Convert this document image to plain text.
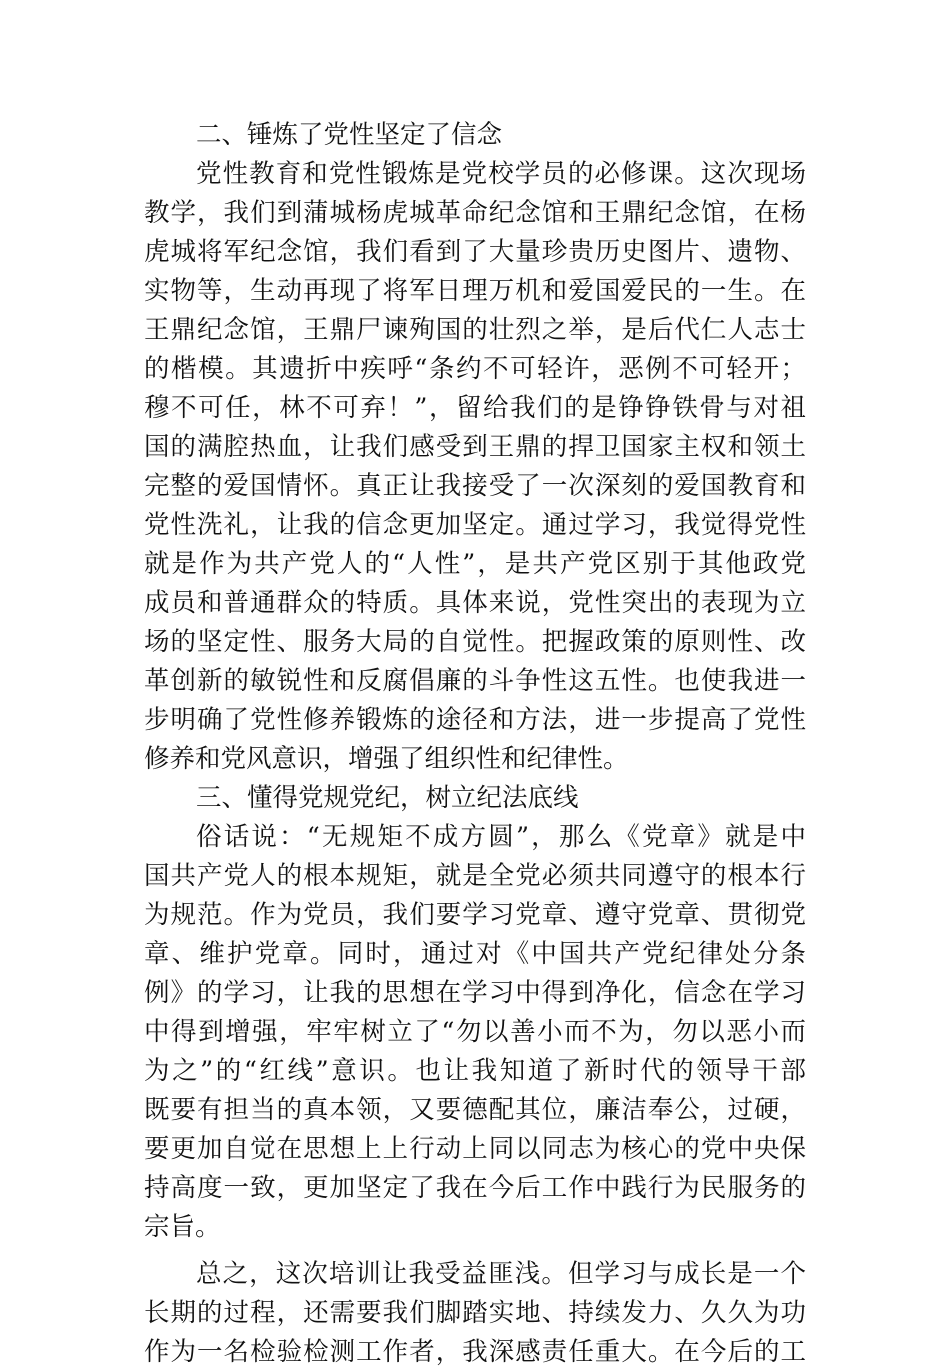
二、锤炼了党性坚定了信念
党性教育和党性锻炼是党校学员的必修课。这次现场
教学，我们到蒲城杨虎城革命纪念馆和王鼎纪念馆，在杨
虎城将军纪念馆，我们看到了大量珍贵历史图片、遗物、
实物等，生动再现了将军日理万机和爱国爱民的一生。在
王鼎纪念馆，王鼎尸谏殉国的壮烈之举，是后代仁人志士
的楷模。其遗折中疾呼“条约不可轻许，恶例不可轻开；
穆不可任，林不可弃！”，留给我们的是铮铮铁骨与对祖
国的满腔热血，让我们感受到王鼎的捍卫国家主权和领土
完整的爱国情怀。真正让我接受了一次深刻的爱国教育和
党性洗礼，让我的信念更加坚定。通过学习，我觉得党性
就是作为共产党人的“人性”，是共产党区别于其他政党
成员和普通群众的特质。具体来说，党性突出的表现为立
场的坚定性、服务大局的自觉性。把握政策的原则性、改
革创新的敏锐性和反腐倡廉的斗争性这五性。也使我进一
步明确了党性修养锻炼的途径和方法，进一步提高了党性
修养和党风意识，增强了组织性和纪律性。
三、懂得党规党纪，树立纪法底线
俗话说：“无规矩不成方圆”，那么《党章》就是中
国共产党人的根本规矩，就是全党必须共同遵守的根本行
为规范。作为党员，我们要学习党章、遵守党章、贯彻党
章、维护党章。同时，通过对《中国共产党纪律处分条
例》的学习，让我的思想在学习中得到净化，信念在学习
中得到增强，牢牢树立了“勿以善小而不为，勿以恶小而
为之”的“红线”意识。也让我知道了新时代的领导干部
既要有担当的真本领，又要德配其位，廉洁奉公，过硬，
要更加自觉在思想上上行动上同以同志为核心的党中央保
持高度一致，更加坚定了我在今后工作中践行为民服务的
宗旨。
总之，这次培训让我受益匪浅。但学习与成长是一个
长期的过程，还需要我们脚踏实地、持续发力、久久为功
作为一名检验检测工作者，我深感责任重大。在今后的工
